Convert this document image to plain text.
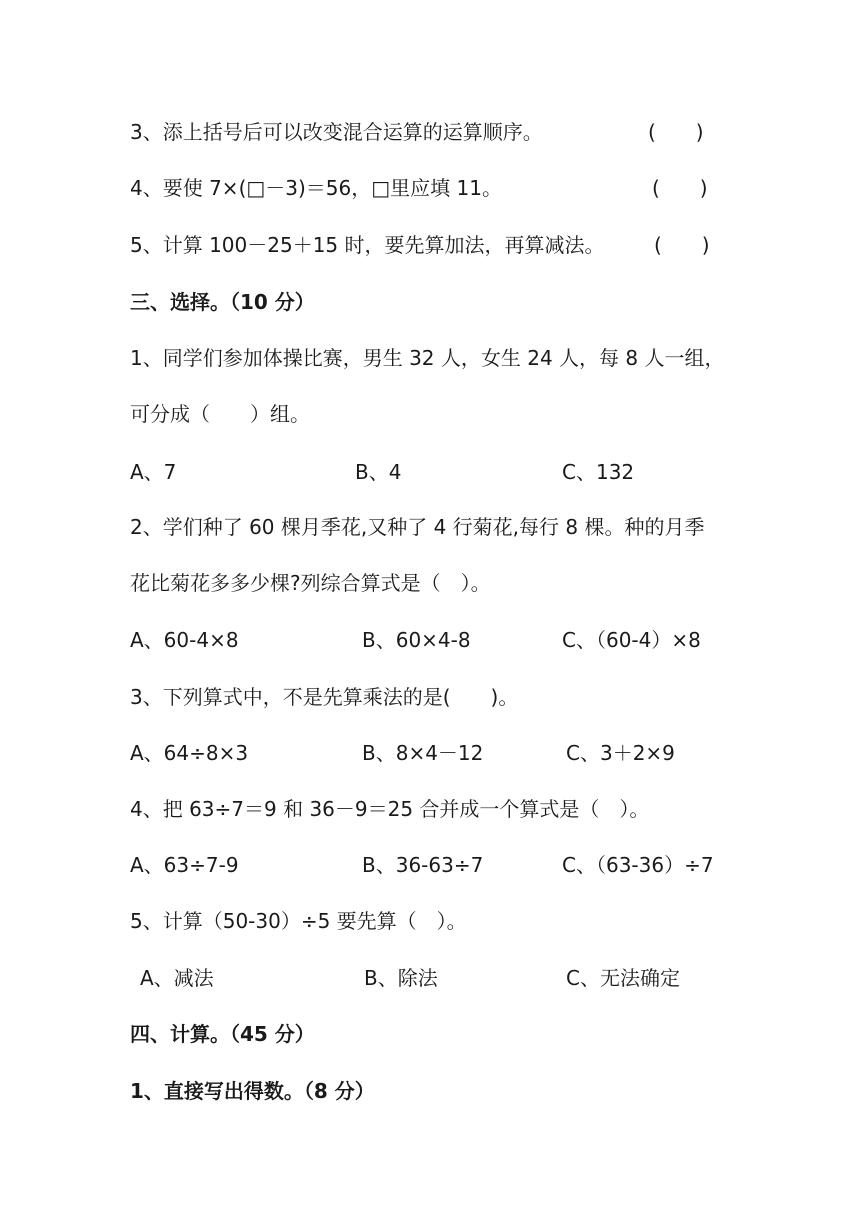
3、添上括号后可以改变混合运算的运算顺序。	(　　)
4、要使 7×(□－3)＝56，□里应填 11。	(　　)
5、计算 100－25＋15 时，要先算加法，再算减法。 (　　)
三、选择。（10 分）
1、同学们参加体操比赛，男生 32 人，女生 24 人，每 8 人一组，
可分成（　　）组。
A、7	B、4	C、132
2、学们种了 60 棵月季花,又种了 4 行菊花,每行 8 棵。种的月季
花比菊花多多少棵?列综合算式是（　）。
A、60-4×8	B、60×4-8	C、（60-4）×8
3、下列算式中，不是先算乘法的是(　　)。
A、64÷8×3	B、8×4－12	C、3＋2×9
4、把 63÷7＝9 和 36－9＝25 合并成一个算式是（　）。
A、63÷7-9	B、36-63÷7	C、（63-36）÷7
5、计算（50-30）÷5 要先算（　）。
A、减法	B、除法	C、无法确定
四、计算。（45 分）
1、直接写出得数。（8 分）
